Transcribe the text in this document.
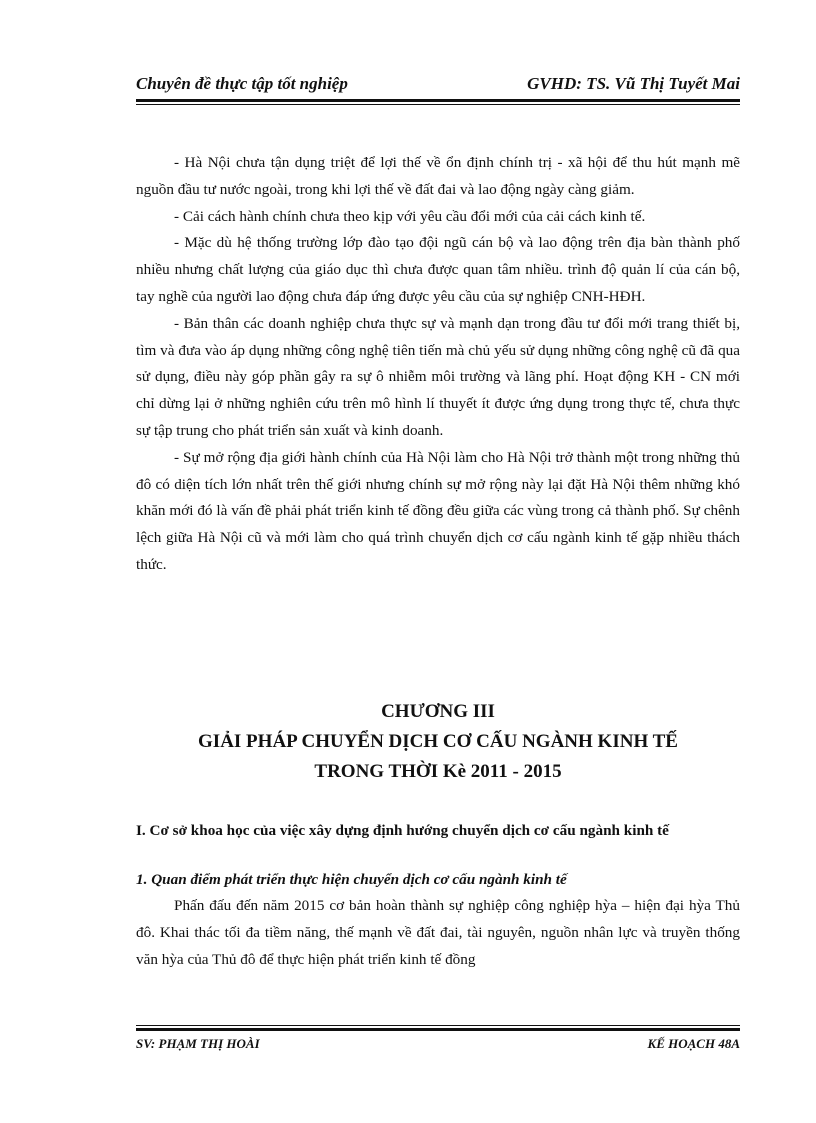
Chuyên đề thực tập tốt nghiệp	GVHD: TS. Vũ Thị Tuyết Mai

- Hà Nội chưa tận dụng triệt để lợi thế về ổn định chính trị - xã hội để thu hút mạnh mẽ nguồn đầu tư nước ngoài, trong khi lợi thế về đất đai và lao động ngày càng giảm.

- Cải cách hành chính chưa theo kịp với yêu cầu đổi mới của cải cách kinh tế.

- Mặc dù hệ thống trường lớp đào tạo đội ngũ cán bộ và lao động trên địa bàn thành phố nhiều nhưng chất lượng của giáo dục thì chưa được quan tâm nhiều. trình độ quản lí của cán bộ, tay nghề của người lao động chưa đáp ứng được yêu cầu của sự nghiệp CNH-HĐH.

- Bản thân các doanh nghiệp chưa thực sự và mạnh dạn trong đầu tư đổi mới trang thiết bị, tìm và đưa vào áp dụng những công nghệ tiên tiến mà chủ yếu sử dụng những công nghệ cũ đã qua sử dụng, điều này góp phần gây ra sự ô nhiễm môi trường và lãng phí. Hoạt động KH - CN mới chỉ dừng lại ở những nghiên cứu trên mô hình lí thuyết ít được ứng dụng trong thực tế, chưa thực sự tập trung cho phát triển sản xuất và kinh doanh.

- Sự mở rộng địa giới hành chính của Hà Nội làm cho Hà Nội trở thành một trong những thủ đô có diện tích lớn nhất trên thế giới nhưng chính sự mở rộng này lại đặt Hà Nội thêm những khó khăn mới đó là vấn đề phải phát triển kinh tế đồng đều giữa các vùng trong cả thành phố. Sự chênh lệch giữa Hà Nội cũ và mới làm cho quá trình chuyển dịch cơ cấu ngành kinh tế gặp nhiều thách thức.

CHƯƠNG III
GIẢI PHÁP CHUYỂN DỊCH CƠ CẤU NGÀNH KINH TẾ
TRONG THỜI Kè 2011 - 2015
I. Cơ sở khoa học của việc xây dựng định hướng chuyển dịch cơ cấu ngành kinh tế
1. Quan điểm phát triển thực hiện chuyển dịch cơ cấu ngành kinh tế

Phấn đấu đến năm 2015 cơ bản hoàn thành sự nghiệp công nghiệp hỳa – hiện đại hỳa Thủ đô. Khai thác tối đa tiềm năng, thế mạnh về đất đai, tài nguyên, nguồn nhân lực và truyền thống văn hỳa của Thủ đô để thực hiện phát triển kinh tế đồng

SV: PHẠM THỊ HOÀI	KẾ HOẠCH 48A
